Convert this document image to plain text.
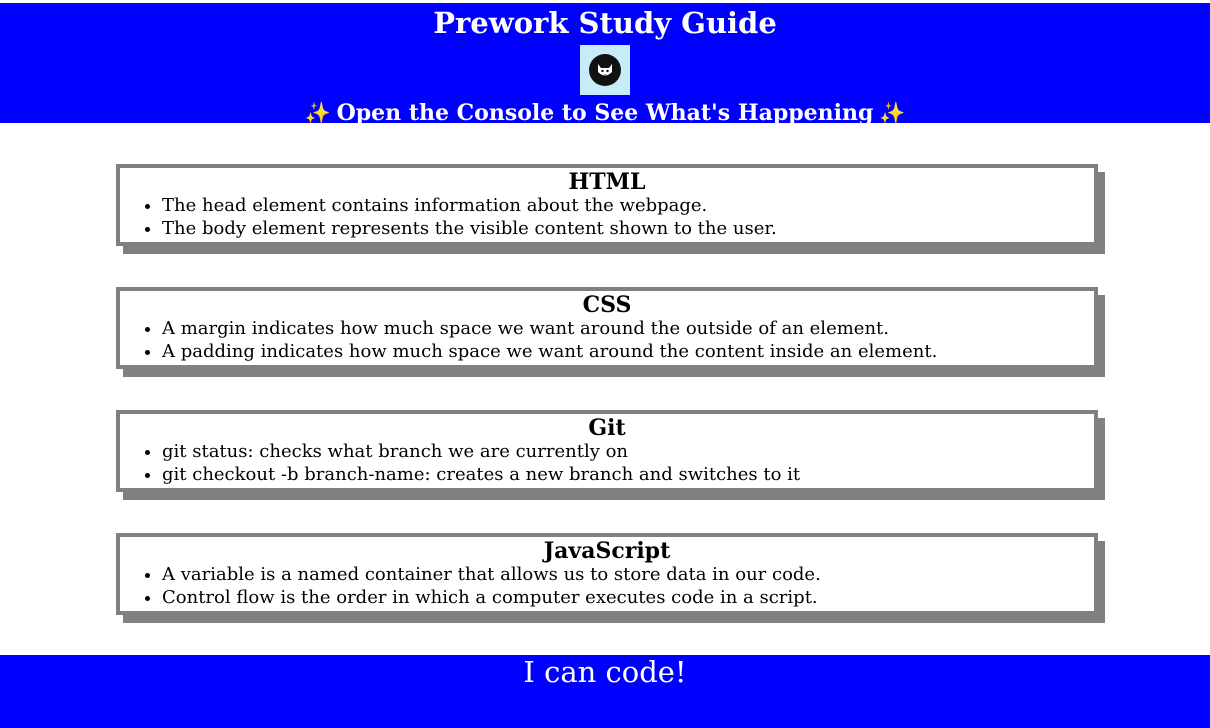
Prework Study Guide
✨ Open the Console to See What's Happening ✨
HTML
• The head element contains information about the webpage.
• The body element represents the visible content shown to the user.
CSS
• A margin indicates how much space we want around the outside of an element.
• A padding indicates how much space we want around the content inside an element.
Git
• git status: checks what branch we are currently on
• git checkout -b branch-name: creates a new branch and switches to it
JavaScript
• A variable is a named container that allows us to store data in our code.
• Control flow is the order in which a computer executes code in a script.
I can code!
